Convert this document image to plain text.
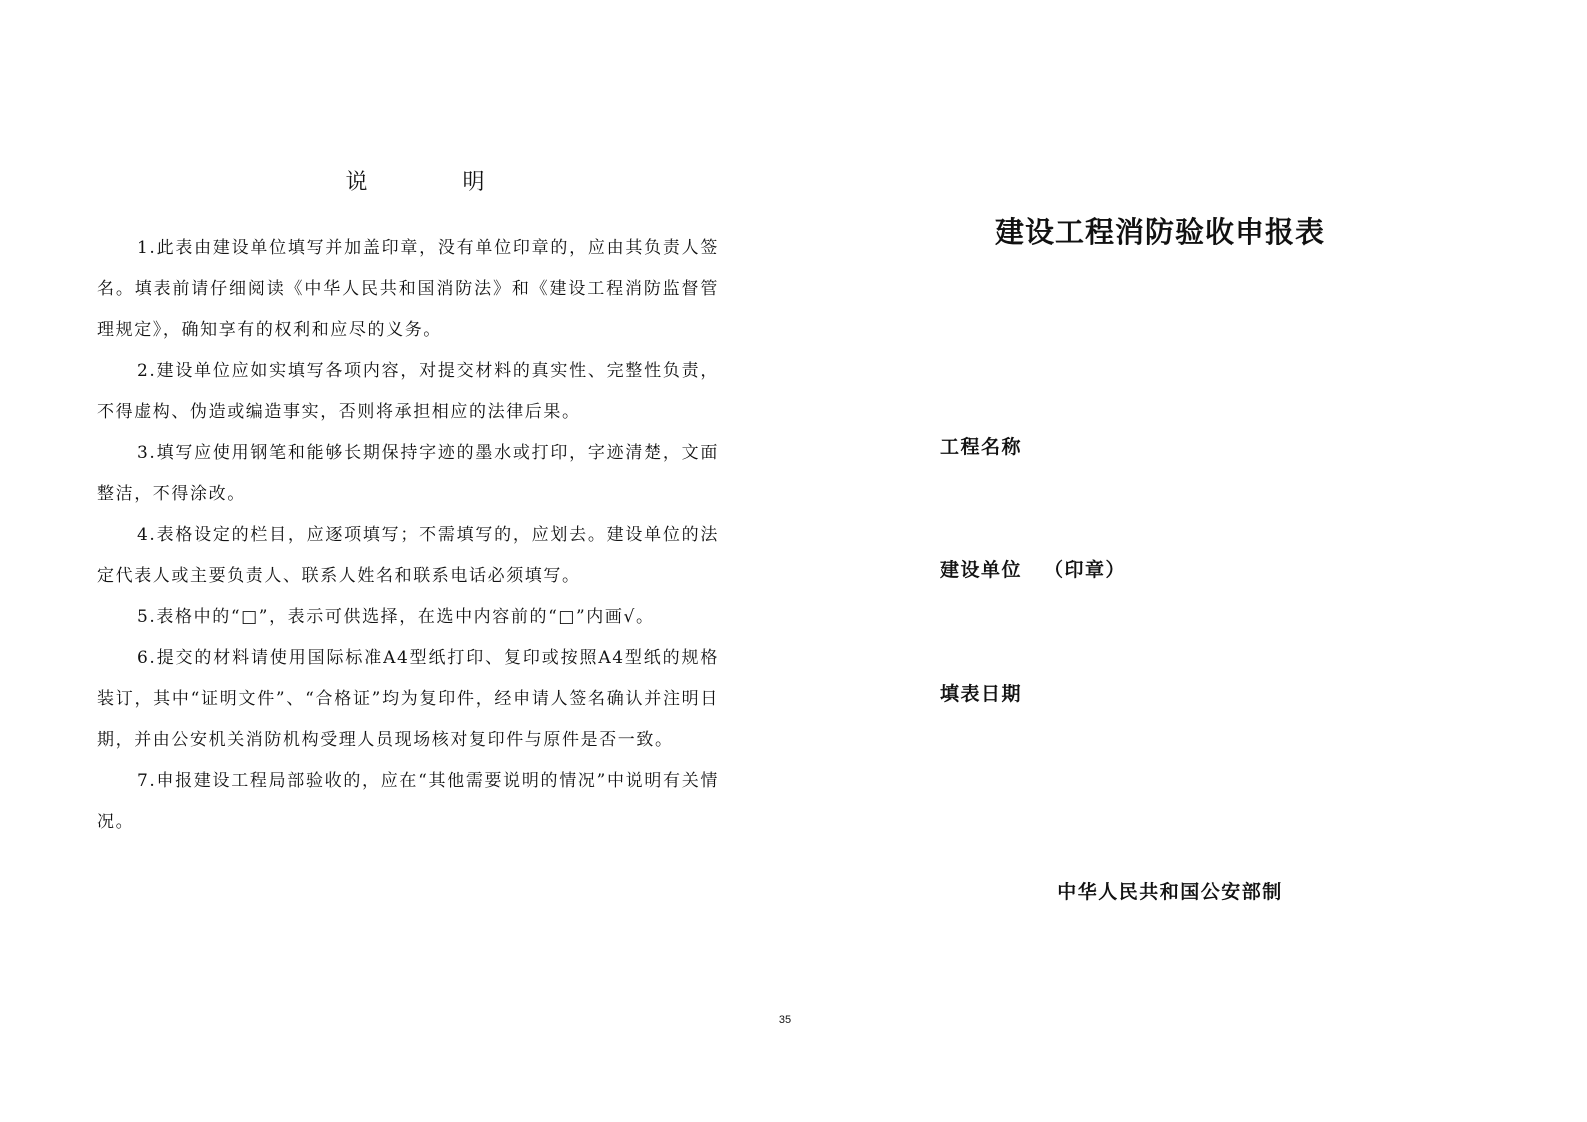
说 明

1.此表由建设单位填写并加盖印章，没有单位印章的，应由其负责人签名。填表前请仔细阅读《中华人民共和国消防法》和《建设工程消防监督管理规定》，确知享有的权利和应尽的义务。

2.建设单位应如实填写各项内容，对提交材料的真实性、完整性负责，不得虚构、伪造或编造事实，否则将承担相应的法律后果。

3.填写应使用钢笔和能够长期保持字迹的墨水或打印，字迹清楚，文面整洁，不得涂改。

4.表格设定的栏目，应逐项填写；不需填写的，应划去。建设单位的法定代表人或主要负责人、联系人姓名和联系电话必须填写。

5.表格中的“□”，表示可供选择，在选中内容前的“□”内画√。

6.提交的材料请使用国际标准A4型纸打印、复印或按照A4型纸的规格装订，其中“证明文件”、“合格证”均为复印件，经申请人签名确认并注明日期，并由公安机关消防机构受理人员现场核对复印件与原件是否一致。

7.申报建设工程局部验收的，应在“其他需要说明的情况”中说明有关情况。

建设工程消防验收申报表
工程名称
建设单位 （印章）
填表日期
中华人民共和国公安部制
35
